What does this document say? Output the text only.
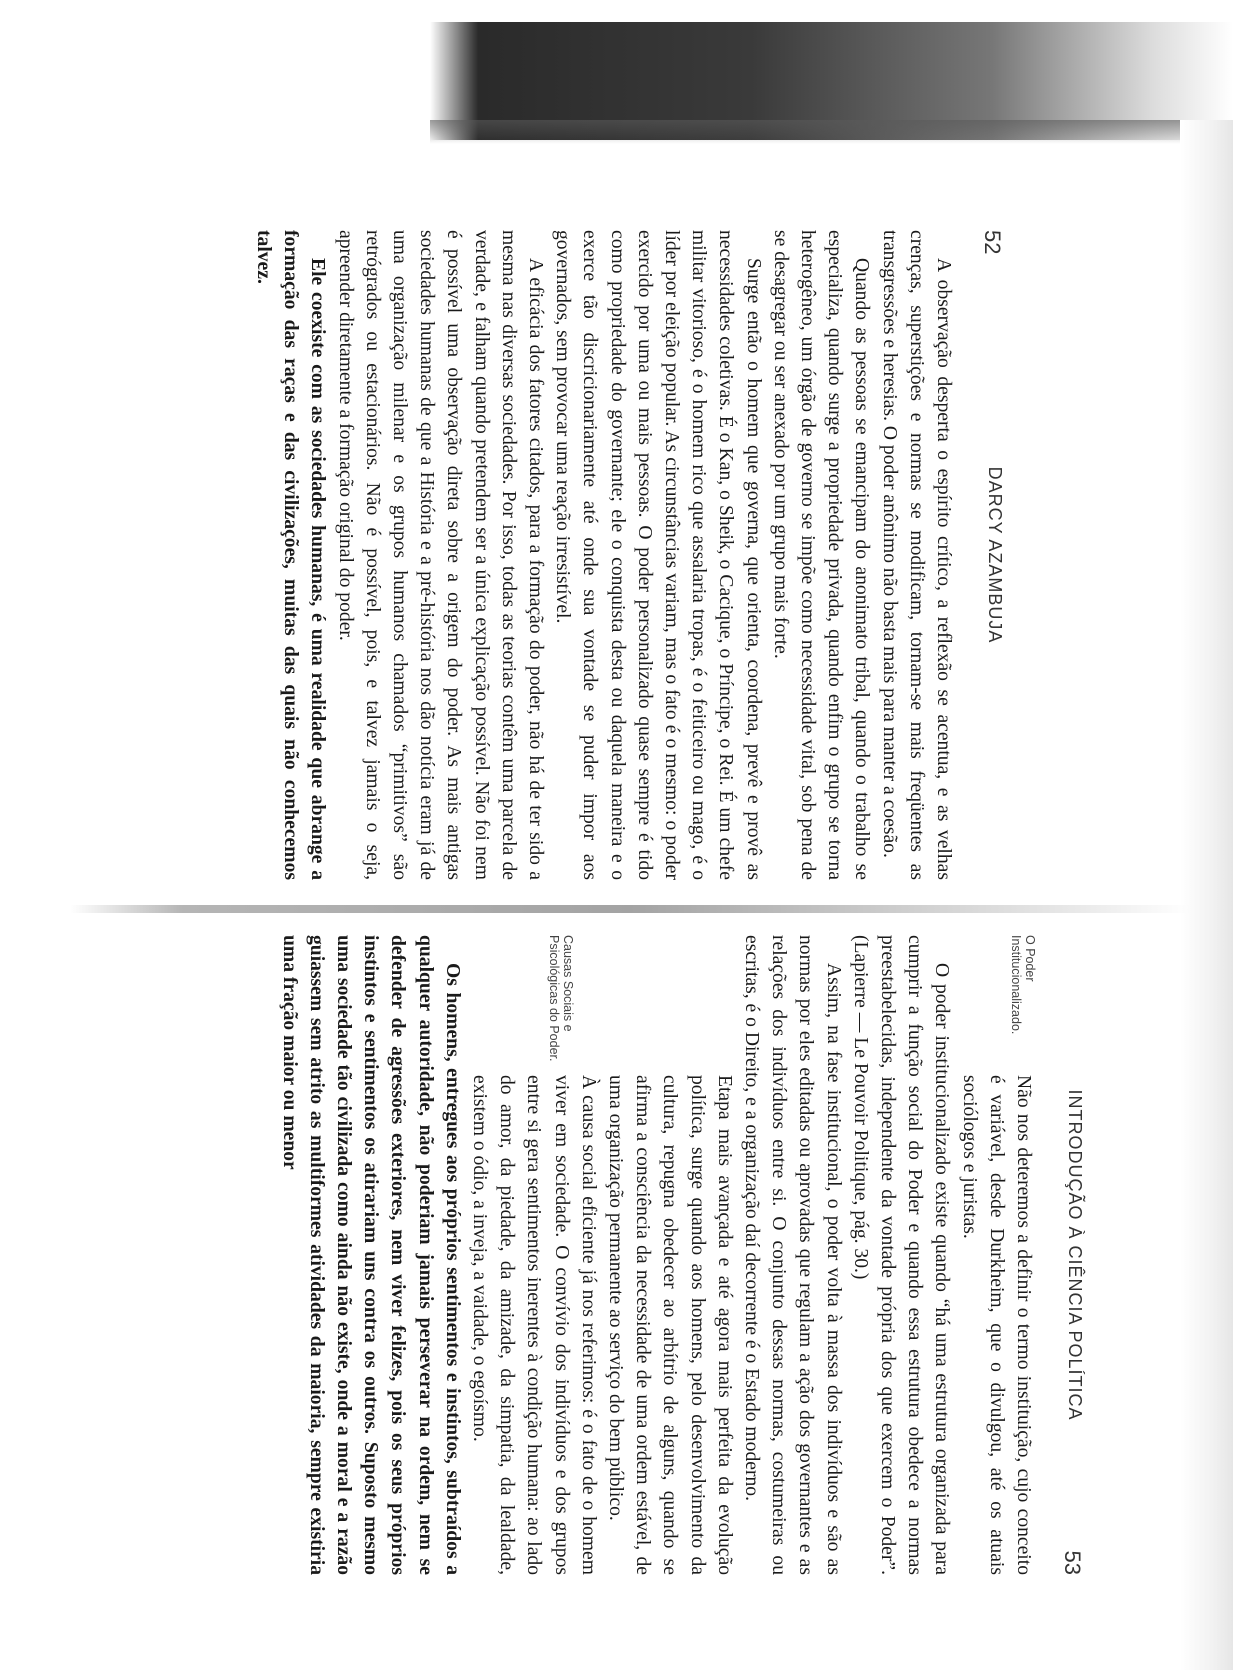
52
DARCY AZAMBUJA

A observação desperta o espírito crítico, a reflexão se acentua, e as velhas crenças, superstições e normas se modificam, tornam-se mais freqüentes as transgressões e heresias. O poder anônimo não basta mais para manter a coesão.

Quando as pessoas se emancipam do anonimato tribal, quando o trabalho se especializa, quando surge a propriedade privada, quando enfim o grupo se torna heterogêneo, um órgão de governo se impõe como necessidade vital, sob pena de se desagregar ou ser anexado por um grupo mais forte.

Surge então o homem que governa, que orienta, coordena, prevê e provê as necessidades coletivas. É o Kan, o Sheik, o Cacique, o Príncipe, o Rei. É um chefe militar vitorioso, é o homem rico que assalaria tropas, é o feiticeiro ou mago, é o líder por eleição popular. As circunstâncias variam, mas o fato é o mesmo: o poder exercido por uma ou mais pessoas. O poder personalizado quase sempre é tido como propriedade do governante; ele o conquista desta ou daquela maneira e o exerce tão discricionariamente até onde sua vontade se puder impor aos governados, sem provocar uma reação irresistível.

A eficácia dos fatores citados, para a formação do poder, não há de ter sido a mesma nas diversas sociedades. Por isso, todas as teorias contêm uma parcela de verdade, e falham quando pretendem ser a única explicação possível. Não foi nem é possível uma observação direta sobre a origem do poder. As mais antigas sociedades humanas de que a História e a pré-história nos dão notícia eram já de uma organização milenar e os grupos humanos chamados “primitivos” são retrógrados ou estacionários. Não é possível, pois, e talvez jamais o seja, apreender diretamente a formação original do poder.

Ele coexiste com as sociedades humanas, é uma realidade que abrange a formação das raças e das civilizações, muitas das quais não conhecemos talvez.

INTRODUÇÃO À CIÊNCIA POLÍTICA
53
O Poder Institucionalizado.
Causas Sociais e Psicológicas do Poder.

Não nos deteremos a definir o termo instituição, cujo conceito é variável, desde Durkheim, que o divulgou, até os atuais sociólogos e juristas.

O poder institucionalizado existe quando “há uma estrutura organizada para cumprir a função social do Poder e quando essa estrutura obedece a normas preestabelecidas, independente da vontade própria dos que exercem o Poder”. (Lapierre — Le Pouvoir Politique, pág. 30.)

Assim, na fase institucional, o poder volta à massa dos indivíduos e são as normas por eles editadas ou aprovadas que regulam a ação dos governantes e as relações dos indivíduos entre si. O conjunto dessas normas, costumeiras ou escritas, é o Direito, e a organização daí decorrente é o Estado moderno.

Etapa mais avançada e até agora mais perfeita da evolução política, surge quando aos homens, pelo desenvolvimento da cultura, repugna obedecer ao arbítrio de alguns, quando se afirma a consciência da necessidade de uma ordem estável, de uma organização permanente ao serviço do bem público.

À causa social eficiente já nos referimos: é o fato de o homem viver em sociedade. O convívio dos indivíduos e dos grupos entre si gera sentimentos inerentes à condição humana: ao lado do amor, da piedade, da amizade, da simpatia, da lealdade, existem o ódio, a inveja, a vaidade, o egoísmo.

Os homens, entregues aos próprios sentimentos e instintos, subtraídos a qualquer autoridade, não poderiam jamais perseverar na ordem, nem se defender de agressões exteriores, nem viver felizes, pois os seus próprios instintos e sentimentos os atirariam uns contra os outros. Suposto mesmo uma sociedade tão civilizada como ainda não existe, onde a moral e a razão guiassem sem atrito as multiformes atividades da maioria, sempre existiria uma fração maior ou menor
